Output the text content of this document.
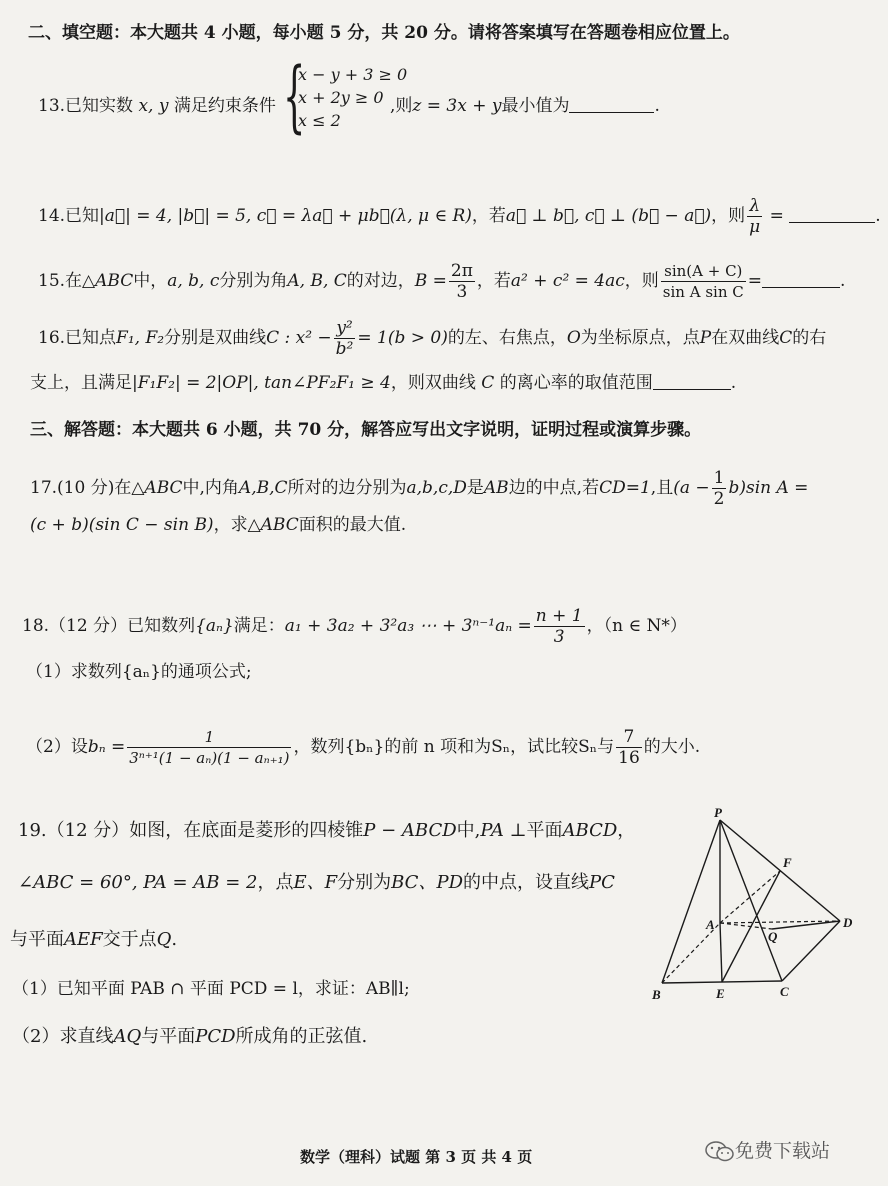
二、填空题：本大题共 4 小题，每小题 5 分，共 20 分。请将答案填写在答题卷相应位置上。
13.已知实数 x, y 满足约束条件 {
x − y + 3 ≥ 0
x + 2y ≥ 0
x ≤ 2
,则z = 3x + y最小值为	.
14.已知|a⃗| = 4, |b⃗| = 5, c⃗ = λa⃗ + μb⃗(λ, μ ∈ R)，若a⃗ ⊥ b⃗, c⃗ ⊥ (b⃗ − a⃗)，则 $\frac{\lambda}{\mu}$ =	.
15.在△ABC中，a, b, c分别为角A, B, C的对边，$B = \frac{2\pi}{3}$ ，若a² + c² = 4ac，则 $\frac{\sin(A + C)}{\text{sin A sin C}}$ =	.
16.已知点F₁, F₂分别是双曲线C : $x^2 - \frac{\text{y²}}{\text{b²}} = 1(b > 0)$的左、右焦点，O为坐标原点，点P在双曲线C的右
支上，且满足|F₁F₂| = 2|OP|, tan∠PF₂F₁ ≥ 4，则双曲线 C 的离心率的取值范围	.
三、解答题：本大题共 6 小题，共 70 分，解答应写出文字说明，证明过程或演算步骤。
17.(10 分)在△ABC中,内角A,B,C所对的边分别为a,b,c,D是AB边的中点,若CD=1,且$(a - \frac{1}{2} b)\sin$ A =
(c + b)(sin C − sin B)，求△ABC面积的最大值.
18.（12 分）已知数列{aₙ}满足：a₁ + 3a₂ + 3²a₃ ⋯ + $3^{n-1}a_n = \frac{n + 1}{3}$ ，（n ∈ N*）
（1）求数列{aₙ}的通项公式;
（2）设$b_n = \frac{1}{\text{3ⁿ⁺¹(1 − aₙ)(1 − aₙ₊₁)}}$ ，数列{bₙ}的前 n 项和为Sₙ，试比较Sₙ与 $\frac{7}{16}$ 的大小.
19.（12 分）如图，在底面是菱形的四棱锥P − ABCD中,PA ⊥平面ABCD，
∠ABC = 60°, PA = AB = 2，点E、F分别为BC、PD的中点，设直线PC
与平面AEF交于点Q.
（1）已知平面 PAB ∩ 平面 PCD = l，求证：AB∥l;
（2）求直线AQ与平面PCD所成角的正弦值.
P
F
A
Q
D
B	E	C
数学（理科）试题 第 3 页 共 4 页	免费下载站
